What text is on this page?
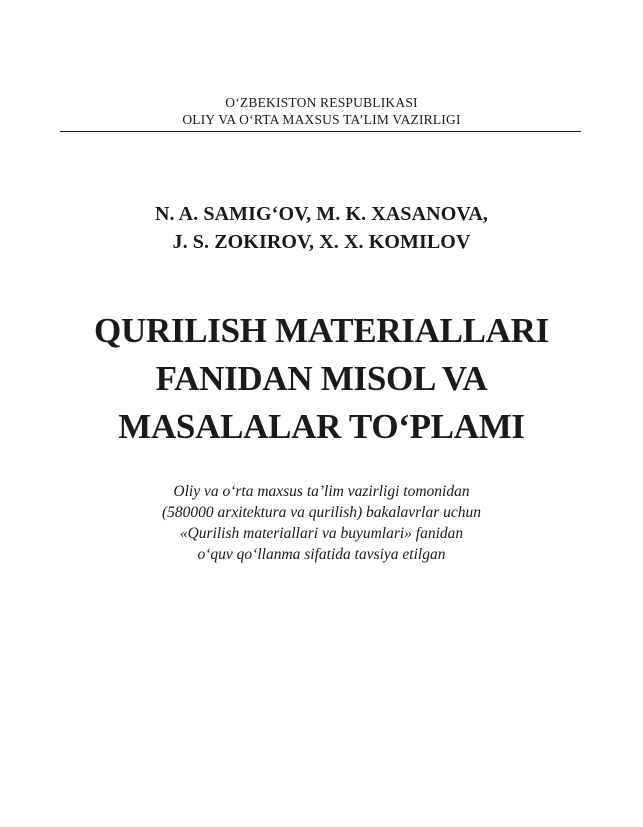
O‘ZBEKISTON RESPUBLIKASI
OLIY VA O‘RTA MAXSUS TA’LIM VAZIRLIGI
N. A. SAMIG‘OV, M. K. XASANOVA,
J. S. ZOKIROV, X. X. KOMILOV
QURILISH MATERIALLARI
FANIDAN MISOL VA
MASALALAR TO‘PLAMI
Oliy va o‘rta maxsus ta’lim vazirligi tomonidan
(580000 arxitektura va qurilish) bakalavrlar uchun
«Qurilish materiallari va buyumlari» fanidan
o‘quv qo‘llanma sifatida tavsiya etilgan
